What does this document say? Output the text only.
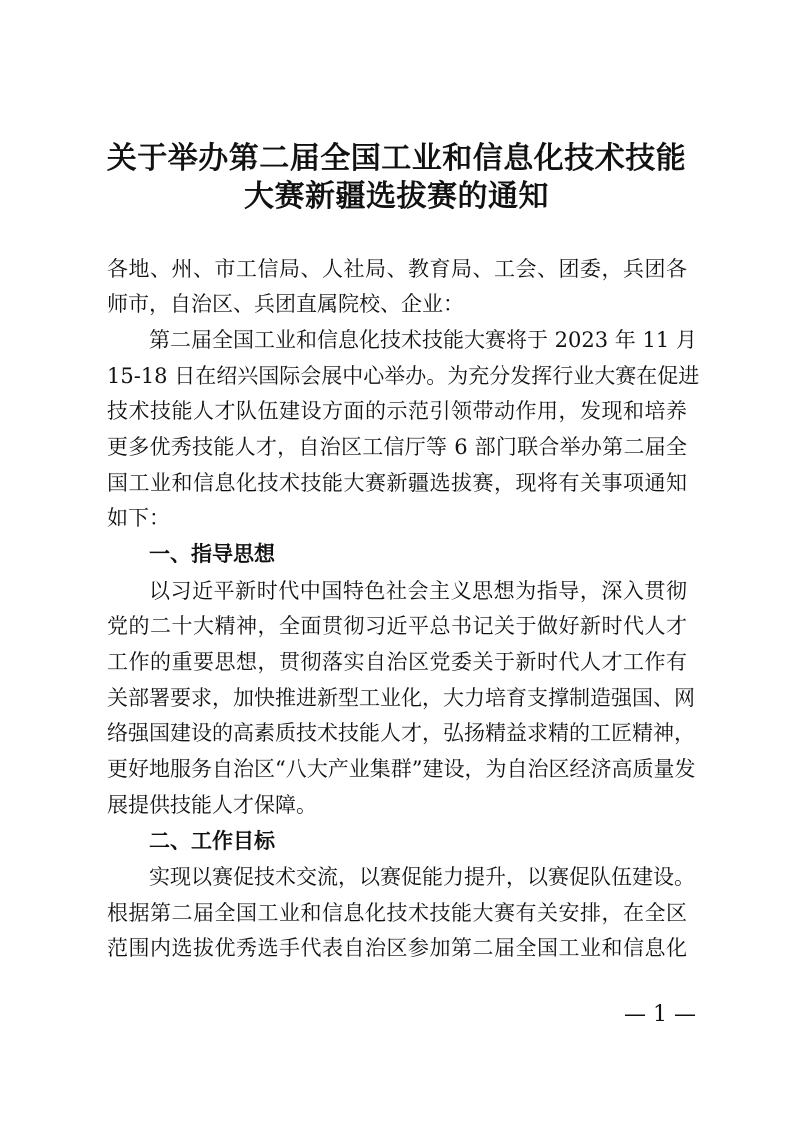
关于举办第二届全国工业和信息化技术技能
大赛新疆选拔赛的通知
各地、州、市工信局、人社局、教育局、工会、团委，兵团各
师市，自治区、兵团直属院校、企业：
第二届全国工业和信息化技术技能大赛将于 2023 年 11 月
15-18 日在绍兴国际会展中心举办。为充分发挥行业大赛在促进
技术技能人才队伍建设方面的示范引领带动作用，发现和培养
更多优秀技能人才，自治区工信厅等 6 部门联合举办第二届全
国工业和信息化技术技能大赛新疆选拔赛，现将有关事项通知
如下：
一、指导思想
以习近平新时代中国特色社会主义思想为指导，深入贯彻
党的二十大精神，全面贯彻习近平总书记关于做好新时代人才
工作的重要思想，贯彻落实自治区党委关于新时代人才工作有
关部署要求，加快推进新型工业化，大力培育支撑制造强国、网
络强国建设的高素质技术技能人才，弘扬精益求精的工匠精神，
更好地服务自治区“八大产业集群”建设，为自治区经济高质量发
展提供技能人才保障。
二、工作目标
实现以赛促技术交流，以赛促能力提升，以赛促队伍建设。
根据第二届全国工业和信息化技术技能大赛有关安排，在全区
范围内选拔优秀选手代表自治区参加第二届全国工业和信息化
— 1 —
